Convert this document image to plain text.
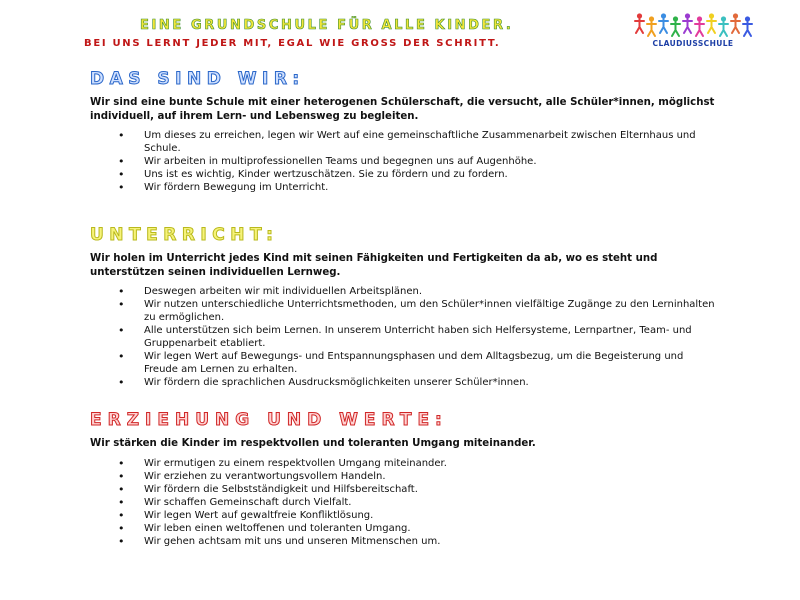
EINE GRUNDSCHULE FÜR ALLE KINDER.
BEI UNS LERNT JEDER MIT, EGAL WIE GROSS DER SCHRITT.	CLAUDIUSSCHULE
DAS SIND WIR:

Wir sind eine bunte Schule mit einer heterogenen Schülerschaft, die versucht, alle Schüler*innen, möglichst individuell, auf ihrem Lern- und Lebensweg zu begleiten.

• Um dieses zu erreichen, legen wir Wert auf eine gemeinschaftliche Zusammenarbeit zwischen Elternhaus und Schule.
• Wir arbeiten in multiprofessionellen Teams und begegnen uns auf Augenhöhe.
• Uns ist es wichtig, Kinder wertzuschätzen. Sie zu fördern und zu fordern.
• Wir fördern Bewegung im Unterricht.
UNTERRICHT:

Wir holen im Unterricht jedes Kind mit seinen Fähigkeiten und Fertigkeiten da ab, wo es steht und unterstützen seinen individuellen Lernweg.

• Deswegen arbeiten wir mit individuellen Arbeitsplänen.
• Wir nutzen unterschiedliche Unterrichtsmethoden, um den Schüler*innen vielfältige Zugänge zu den Lerninhalten zu ermöglichen.
• Alle unterstützen sich beim Lernen. In unserem Unterricht haben sich Helfersysteme, Lernpartner, Team- und Gruppenarbeit etabliert.
• Wir legen Wert auf Bewegungs- und Entspannungsphasen und dem Alltagsbezug, um die Begeisterung und Freude am Lernen zu erhalten.
• Wir fördern die sprachlichen Ausdrucksmöglichkeiten unserer Schüler*innen.
ERZIEHUNG UND WERTE:

Wir stärken die Kinder im respektvollen und toleranten Umgang miteinander.

• Wir ermutigen zu einem respektvollen Umgang miteinander.
• Wir erziehen zu verantwortungsvollem Handeln.
• Wir fördern die Selbstständigkeit und Hilfsbereitschaft.
• Wir schaffen Gemeinschaft durch Vielfalt.
• Wir legen Wert auf gewaltfreie Konfliktlösung.
• Wir leben einen weltoffenen und toleranten Umgang.
• Wir gehen achtsam mit uns und unseren Mitmenschen um.
